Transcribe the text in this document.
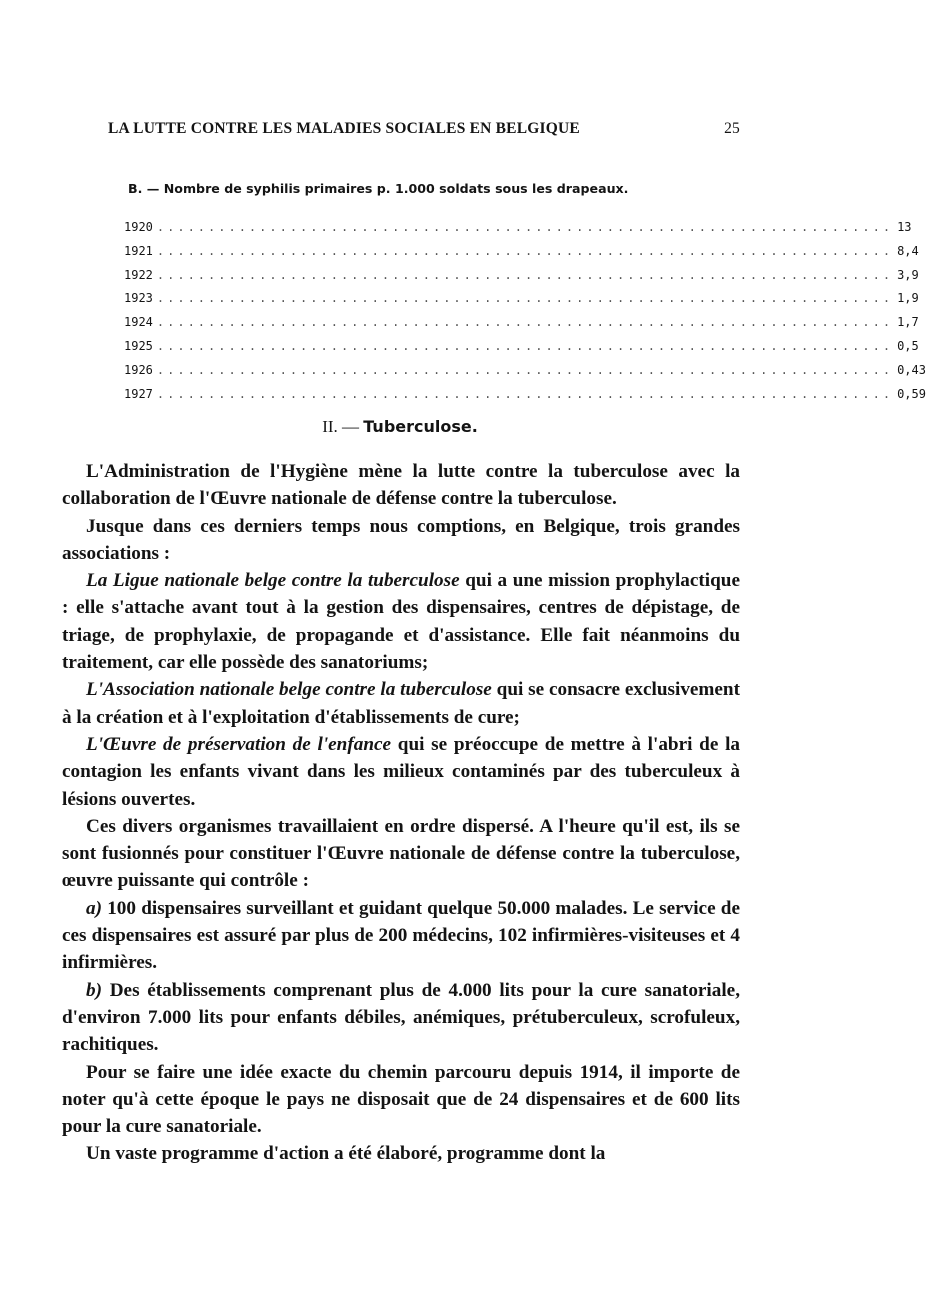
LA LUTTE CONTRE LES MALADIES SOCIALES EN BELGIQUE	25
B. — Nombre de syphilis primaires p. 1.000 soldats sous les drapeaux.
1920 ........................................................................ 13
1921 ........................................................................ 8,4
1922 ........................................................................ 3,9
1923 ........................................................................ 1,9
1924 ........................................................................ 1,7
1925 ........................................................................ 0,5
1926 ........................................................................ 0,43
1927 ........................................................................ 0,59
II. — Tuberculose.

L'Administration de l'Hygiène mène la lutte contre la tuberculose avec la collaboration de l'Œuvre nationale de défense contre la tuberculose.

Jusque dans ces derniers temps nous comptions, en Belgique, trois grandes associations :

La Ligue nationale belge contre la tuberculose qui a une mission prophylactique : elle s'attache avant tout à la gestion des dispensaires, centres de dépistage, de triage, de prophylaxie, de propagande et d'assistance. Elle fait néanmoins du traitement, car elle possède des sanatoriums;

L'Association nationale belge contre la tuberculose qui se consacre exclusivement à la création et à l'exploitation d'établissements de cure;

L'Œuvre de préservation de l'enfance qui se préoccupe de mettre à l'abri de la contagion les enfants vivant dans les milieux contaminés par des tuberculeux à lésions ouvertes.

Ces divers organismes travaillaient en ordre dispersé. A l'heure qu'il est, ils se sont fusionnés pour constituer l'Œuvre nationale de défense contre la tuberculose, œuvre puissante qui contrôle :

a) 100 dispensaires surveillant et guidant quelque 50.000 malades. Le service de ces dispensaires est assuré par plus de 200 médecins, 102 infirmières-visiteuses et 4 infirmières.

b) Des établissements comprenant plus de 4.000 lits pour la cure sanatoriale, d'environ 7.000 lits pour enfants débiles, anémiques, prétuberculeux, scrofuleux, rachitiques.

Pour se faire une idée exacte du chemin parcouru depuis 1914, il importe de noter qu'à cette époque le pays ne disposait que de 24 dispensaires et de 600 lits pour la cure sanatoriale.

Un vaste programme d'action a été élaboré, programme dont la
